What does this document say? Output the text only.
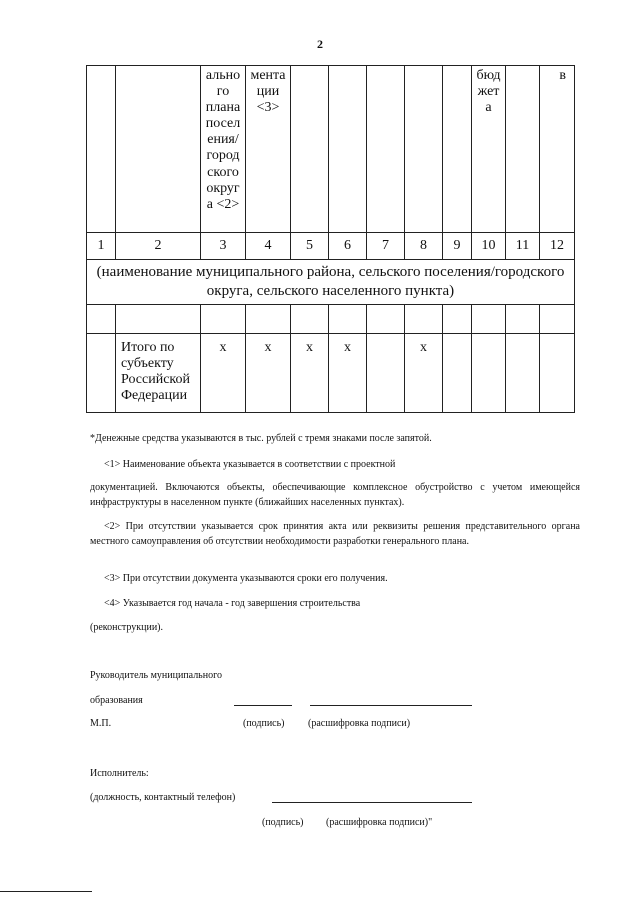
2
		ально го плана посел ения/ город ского округ а <2>	мента ции <3>						бюд жет а		в
1	2	3	4	5	6	7	8	9	10	11	12
(наименование муниципального района, сельского поселения/городского округа, сельского населенного пункта)											

	Итого по субъекту Российской Федерации	х	х	х	х		х				
*Денежные средства указываются в тыс. рублей с тремя знаками после запятой.
<1> Наименование объекта указывается в соответствии с проектной
документацией. Включаются объекты, обеспечивающие комплексное обустройство с учетом имеющейся инфраструктуры в населенном пункте (ближайших населенных пунктах).
<2> При отсутствии указывается срок принятия акта или реквизиты решения представительного органа местного самоуправления об отсутствии необходимости разработки генерального плана.
<3> При отсутствии документа указываются сроки его получения.
<4> Указывается год начала - год завершения строительства
(реконструкции).
Руководитель муниципального
образования
М.П.	(подпись) (расшифровка подписи)
Исполнитель:
(должность, контактный телефон)
(подпись) (расшифровка подписи)"
